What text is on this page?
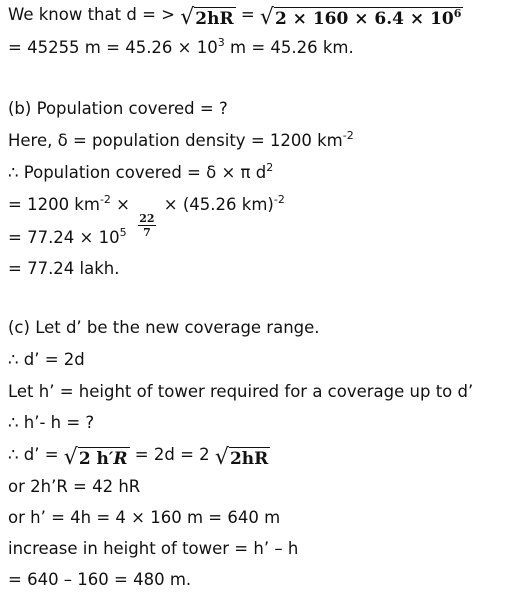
We know that d = > √ 2hR = √ $2 \times 160 \times 6.4 \times 10^6$
= 45255 $m = 45.26 \times 10^3$ m = 45.26 km.
(b) Population covered = ?
Here, δ = population density = 1200 $km^{-2}$
∴ Population covered = δ × π $d^2$
= 1200 $km^{-2}$ ×
$\frac{22}{7}$
× (45.26 km)$^{-2}$
= $77.24 \times 10^5$
= 77.24 lakh.
(c) Let d’ be the new coverage range.
∴ d’ = 2d
Let h’ = height of tower required for a coverage up to d’
∴ h’- h = ?
∴ d’ = √ 2 h′R = 2d = 2 √ 2hR
or 2h’R = 42 hR
or h’ = 4h = 4 × 160 m = 640 m
increase in height of tower = h’ – h
= 640 – 160 = 480 m.
